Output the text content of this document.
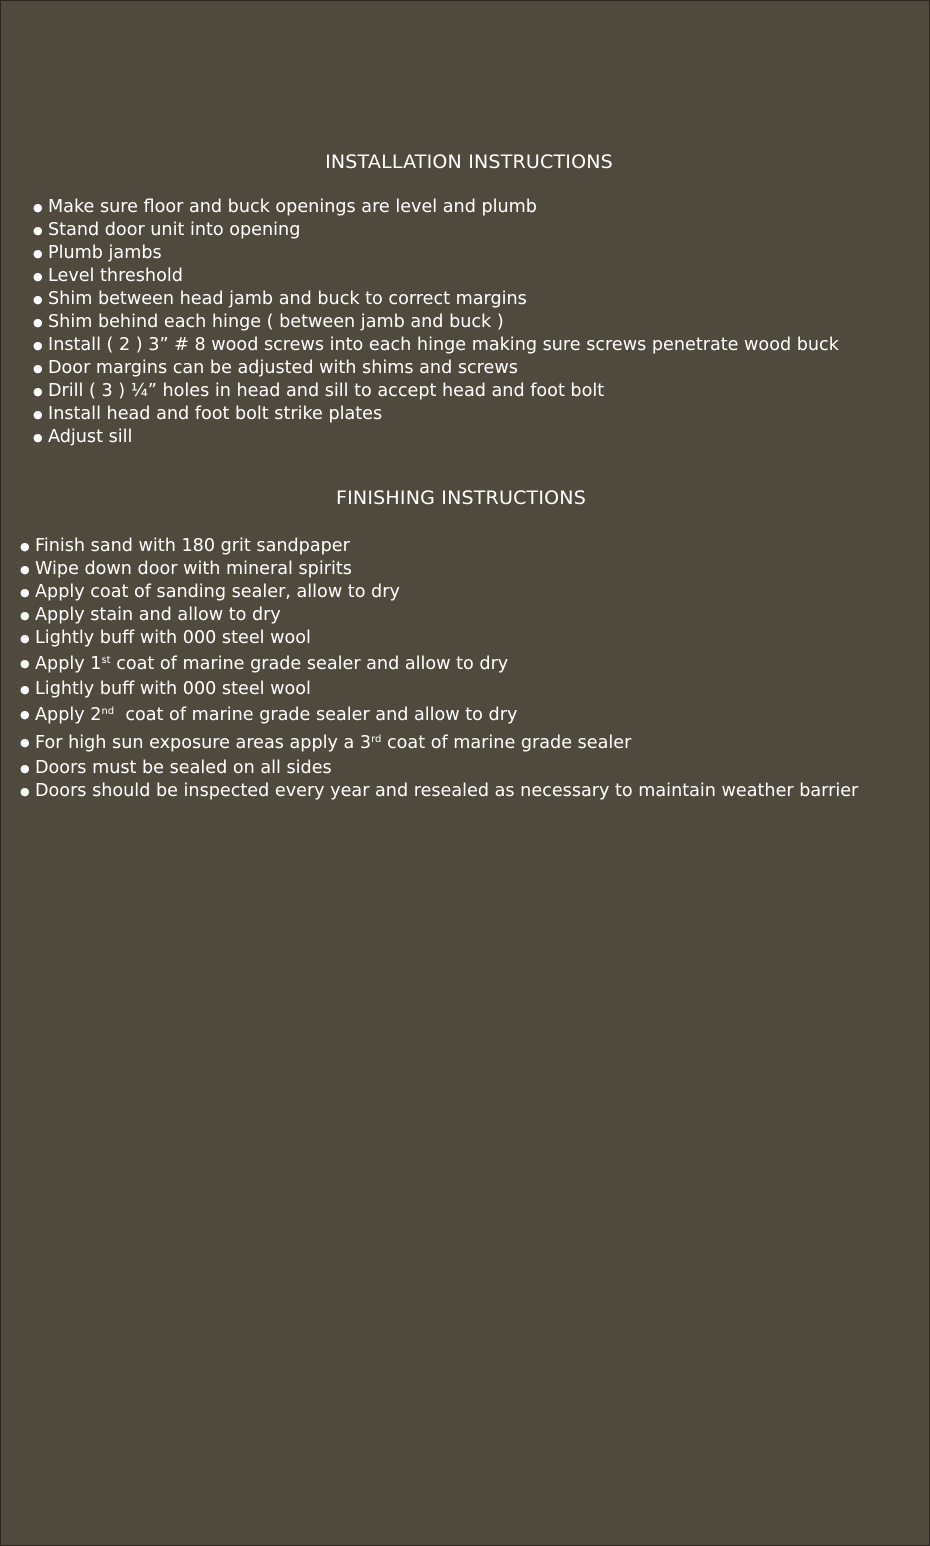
INSTALLATION INSTRUCTIONS
● Make sure floor and buck openings are level and plumb
● Stand door unit into opening
● Plumb jambs
● Level threshold
● Shim between head jamb and buck to correct margins
● Shim behind each hinge ( between jamb and buck )
● Install ( 2 ) 3” # 8 wood screws into each hinge making sure screws penetrate wood buck
● Door margins can be adjusted with shims and screws
● Drill ( 3 ) ¼” holes in head and sill to accept head and foot bolt
● Install head and foot bolt strike plates
● Adjust sill
FINISHING INSTRUCTIONS
● Finish sand with 180 grit sandpaper
● Wipe down door with mineral spirits
● Apply coat of sanding sealer, allow to dry
● Apply stain and allow to dry
● Lightly buff with 000 steel wool
● Apply 1st coat of marine grade sealer and allow to dry
● Lightly buff with 000 steel wool
● Apply 2nd  coat of marine grade sealer and allow to dry
● For high sun exposure areas apply a 3rd coat of marine grade sealer
● Doors must be sealed on all sides
● Doors should be inspected every year and resealed as necessary to maintain weather barrier
